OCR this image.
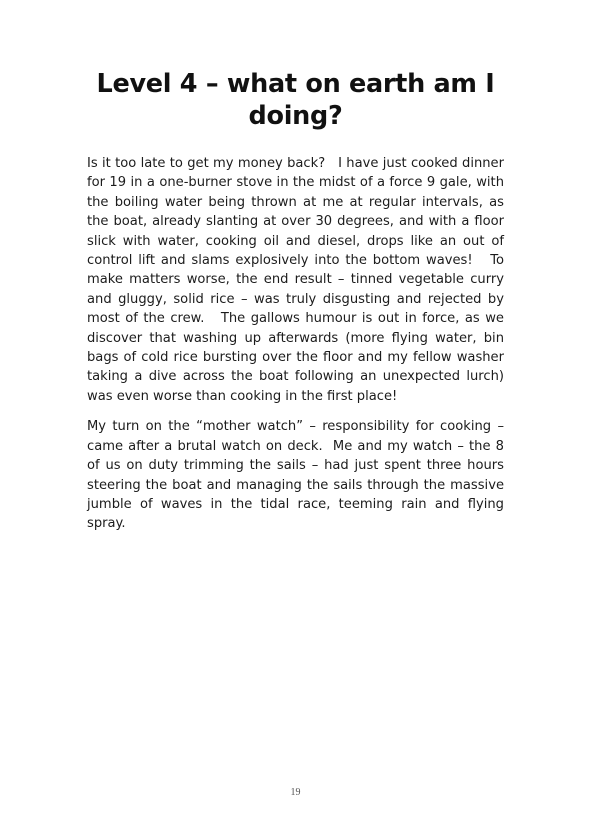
Level 4 – what on earth am I doing?

Is it too late to get my money back?   I have just cooked dinner for 19 in a one-burner stove in the midst of a force 9 gale, with the boiling water being thrown at me at regular intervals, as the boat, already slanting at over 30 degrees, and with a floor slick with water, cooking oil and diesel, drops like an out of control lift and slams explosively into the bottom waves!   To make matters worse, the end result – tinned vegetable curry and gluggy, solid rice – was truly disgusting and rejected by most of the crew.   The gallows humour is out in force, as we discover that washing up afterwards (more flying water, bin bags of cold rice bursting over the floor and my fellow washer taking a dive across the boat following an unexpected lurch) was even worse than cooking in the first place!

My turn on the “mother watch” – responsibility for cooking – came after a brutal watch on deck.  Me and my watch – the 8 of us on duty trimming the sails – had just spent three hours steering the boat and managing the sails through the massive jumble of waves in the tidal race, teeming rain and flying spray.

19
